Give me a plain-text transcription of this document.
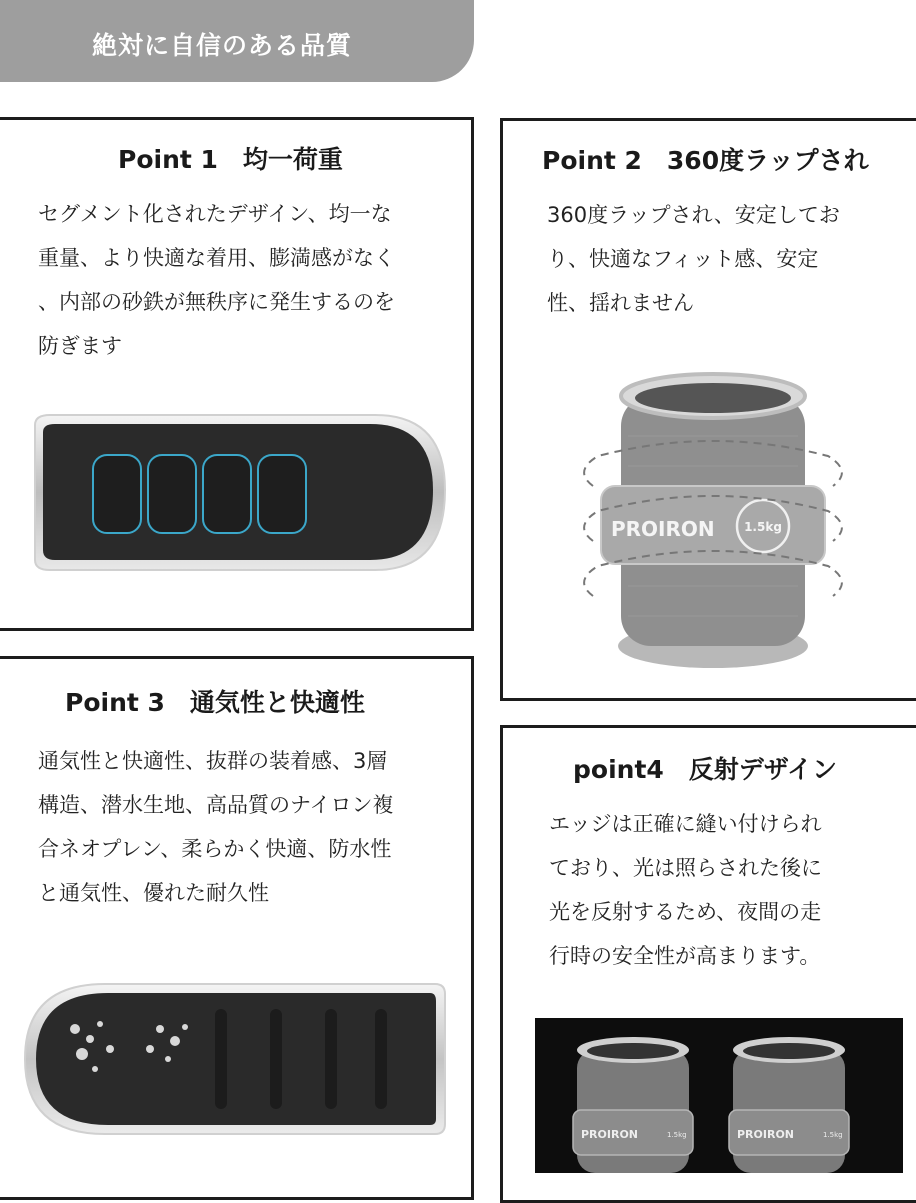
絶対に自信のある品質
Point 1　均一荷重
セグメント化されたデザイン、均一な
重量、より快適な着用、膨満感がなく
、内部の砂鉄が無秩序に発生するのを
防ぎます
Point 2　360度ラップされ
360度ラップされ、安定してお
り、快適なフィット感、安定
性、揺れません
PROIRON 1.5kg
Point 3　通気性と快適性
通気性と快適性、抜群の装着感、3層
構造、潜水生地、高品質のナイロン複
合ネオプレン、柔らかく快適、防水性
と通気性、優れた耐久性
point4　反射デザイン
エッジは正確に縫い付けられ
ており、光は照らされた後に
光を反射するため、夜間の走
行時の安全性が高まります。
PROIRON	1.5kg	PROIRON	1.5kg
